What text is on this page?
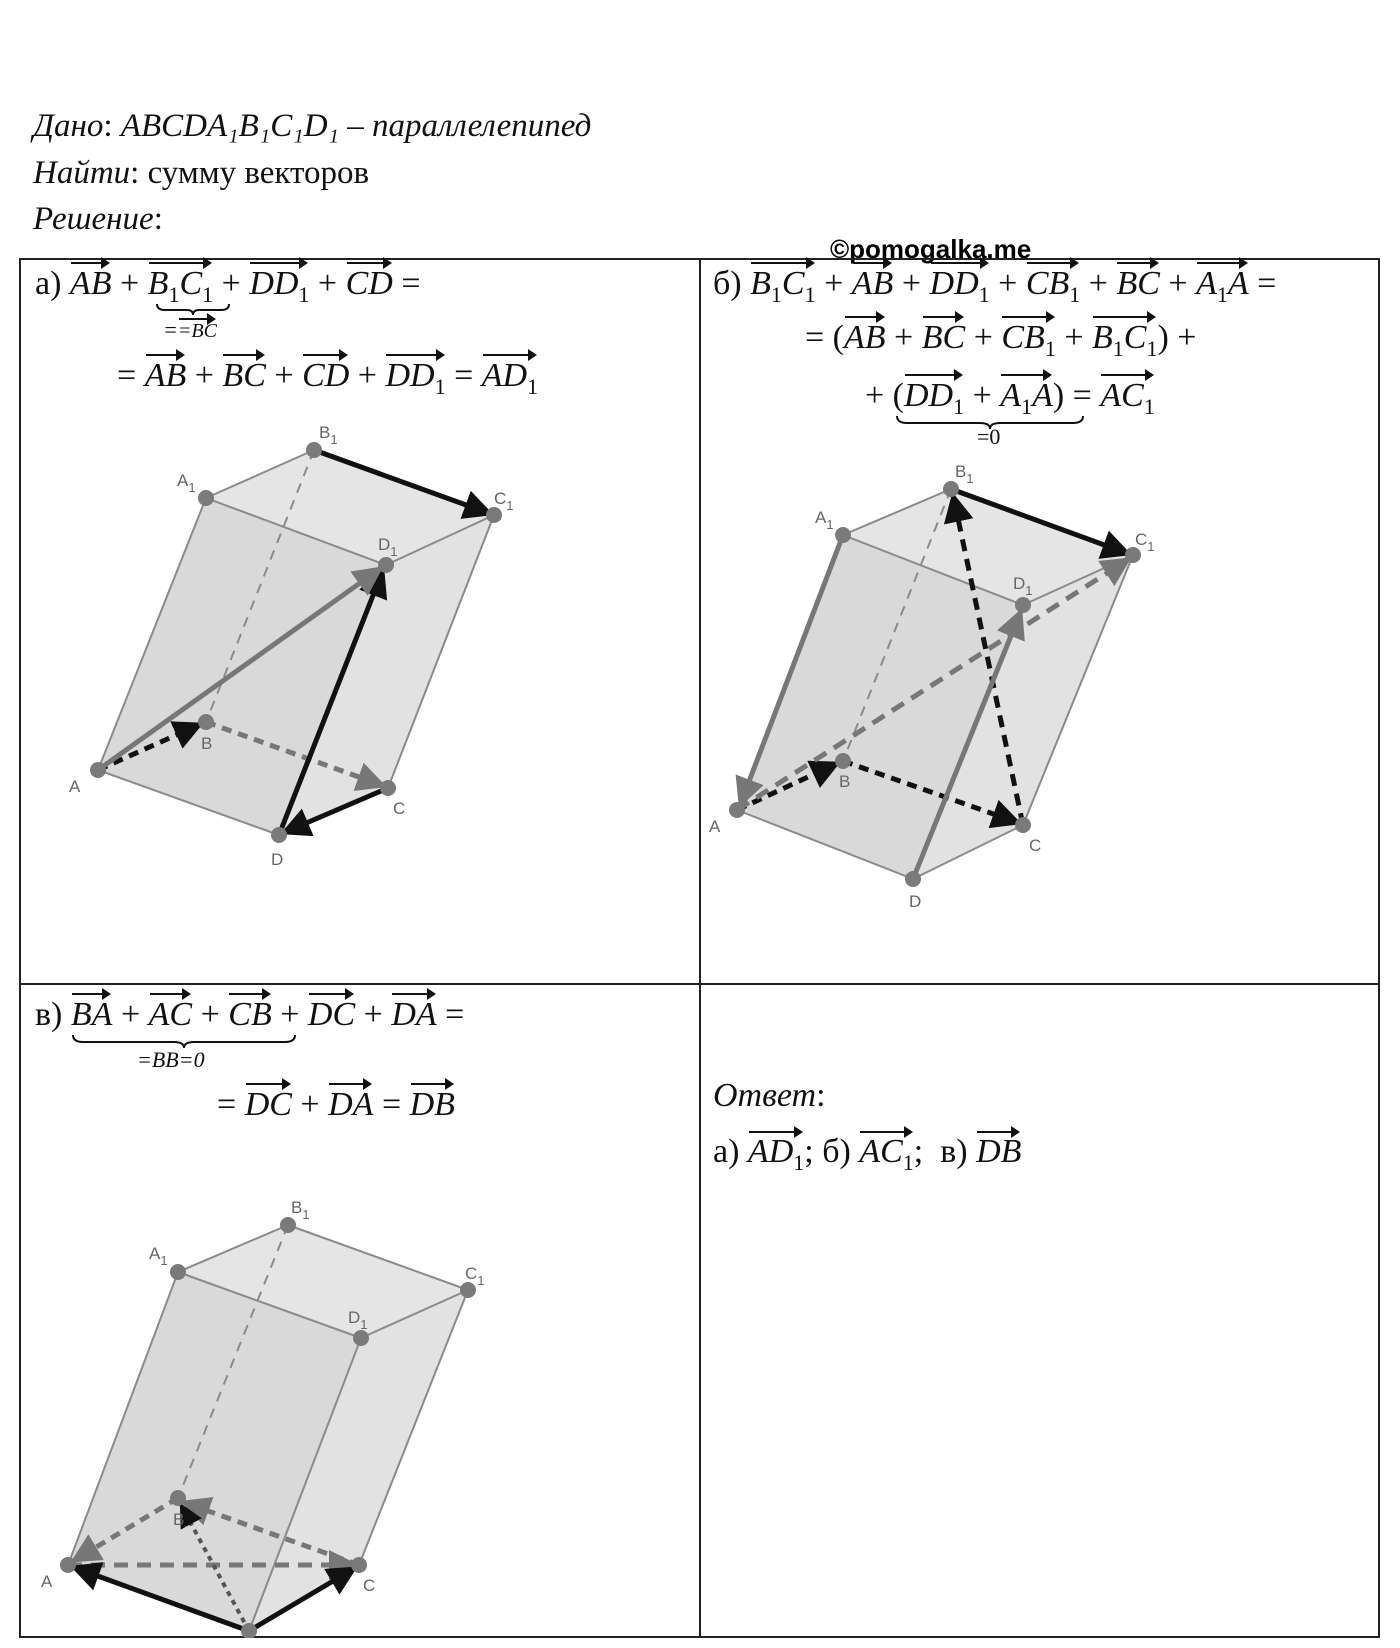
Дано: ABCDA₁B₁C₁D₁ – параллелепипед
Найти: сумму векторов
Решение:
©pomogalka.me
а) AB + $B_1C_1 + DD_1$ + CD =
==BC
= AB + BC + CD + $DD_1 = AD_1$
A
B
C
D
$A_1$
$B_1$
$C_1$
$D_1$
б) $B_1C_1$ + AB + $DD_1 + CB_1$ + BC + $A_1A$ =
= (AB + BC + $CB_1 + B_1C_1$) +
+ $(DD_1 + A_1A) = AC_1$
=0
A
B
C
D
$A_1$
$B_1$
$C_1$
$D_1$
в) BA + AC + CB + DC + DA =
=BB=0
= DC + DA = DB
A
B
C
$A_1$
$B_1$
$C_1$
$D_1$
Ответ:
а) $AD_1$; б) $AC_1$;  в) DB
